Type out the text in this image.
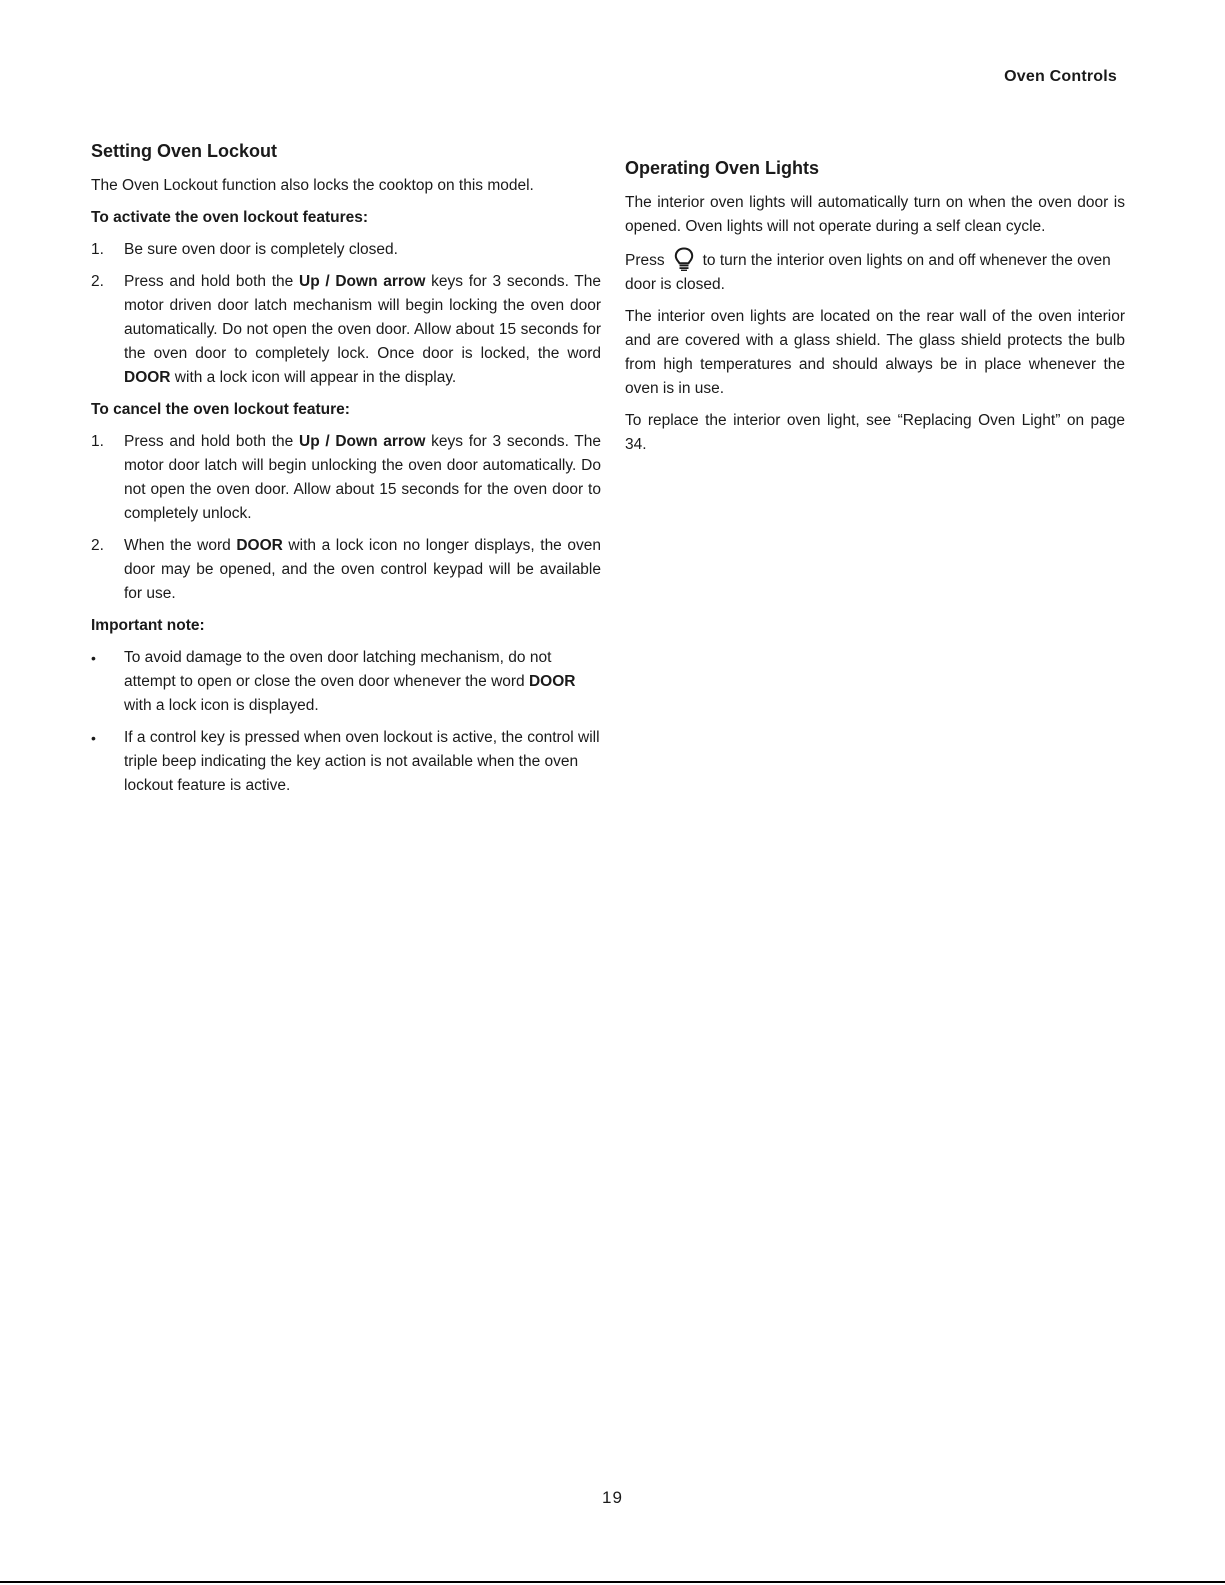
Oven Controls
Setting Oven Lockout

The Oven Lockout function also locks the cooktop on this model.

To activate the oven lockout features:
1. Be sure oven door is completely closed.
2. Press and hold both the Up / Down arrow keys for 3 seconds. The motor driven door latch mechanism will begin locking the oven door automatically. Do not open the oven door. Allow about 15 seconds for the oven door to completely lock. Once door is locked, the word DOOR with a lock icon will appear in the display.
To cancel the oven lockout feature:
1. Press and hold both the Up / Down arrow keys for 3 seconds. The motor door latch will begin unlocking the oven door automatically. Do not open the oven door. Allow about 15 seconds for the oven door to completely unlock.
2. When the word DOOR with a lock icon no longer displays, the oven door may be opened, and the oven control keypad will be available for use.
Important note:
• To avoid damage to the oven door latching mechanism, do not attempt to open or close the oven door whenever the word DOOR with a lock icon is displayed.
• If a control key is pressed when oven lockout is active, the control will triple beep indicating the key action is not available when the oven lockout feature is active.
Operating Oven Lights

The interior oven lights will automatically turn on when the oven door is opened. Oven lights will not operate during a self clean cycle.

Press to turn the interior oven lights on and off whenever the oven door is closed.

The interior oven lights are located on the rear wall of the oven interior and are covered with a glass shield. The glass shield protects the bulb from high temperatures and should always be in place whenever the oven is in use.

To replace the interior oven light, see “Replacing Oven Light” on page 34.

19
